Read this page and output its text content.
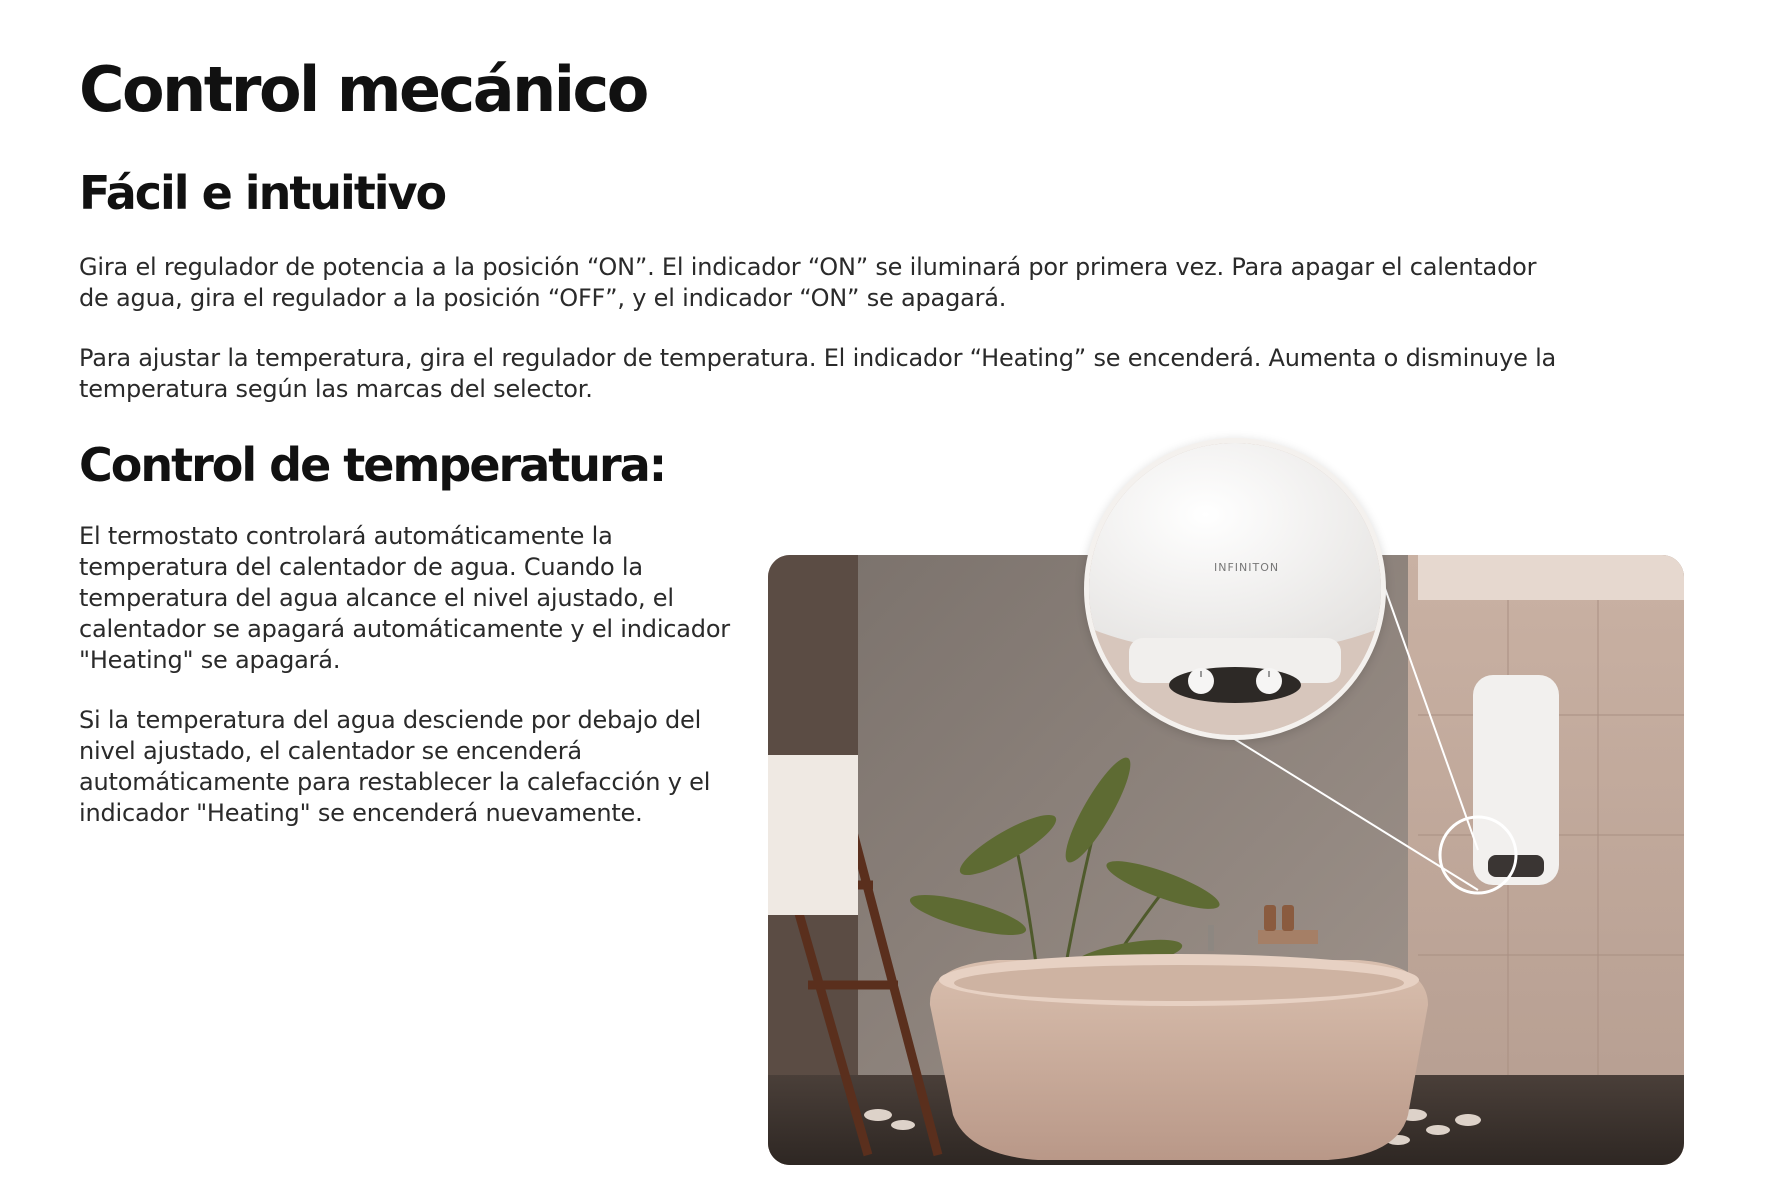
Control mecánico
Fácil e intuitivo

Gira el regulador de potencia a la posición “ON”. El indicador “ON” se iluminará por primera vez. Para apagar el calentador de agua, gira el regulador a la posición “OFF”, y el indicador “ON” se apagará.

Para ajustar la temperatura, gira el regulador de temperatura. El indicador “Heating” se encenderá. Aumenta o disminuye la temperatura según las marcas del selector.

Control de temperatura:

El termostato controlará automáticamente la temperatura del calentador de agua. Cuando la temperatura del agua alcance el nivel ajustado, el calentador se apagará automáticamente y el indicador "Heating" se apagará.

Si la temperatura del agua desciende por debajo del nivel ajustado, el calentador se encenderá automáticamente para restablecer la calefacción y el indicador "Heating" se encenderá nuevamente.

INFINITON
